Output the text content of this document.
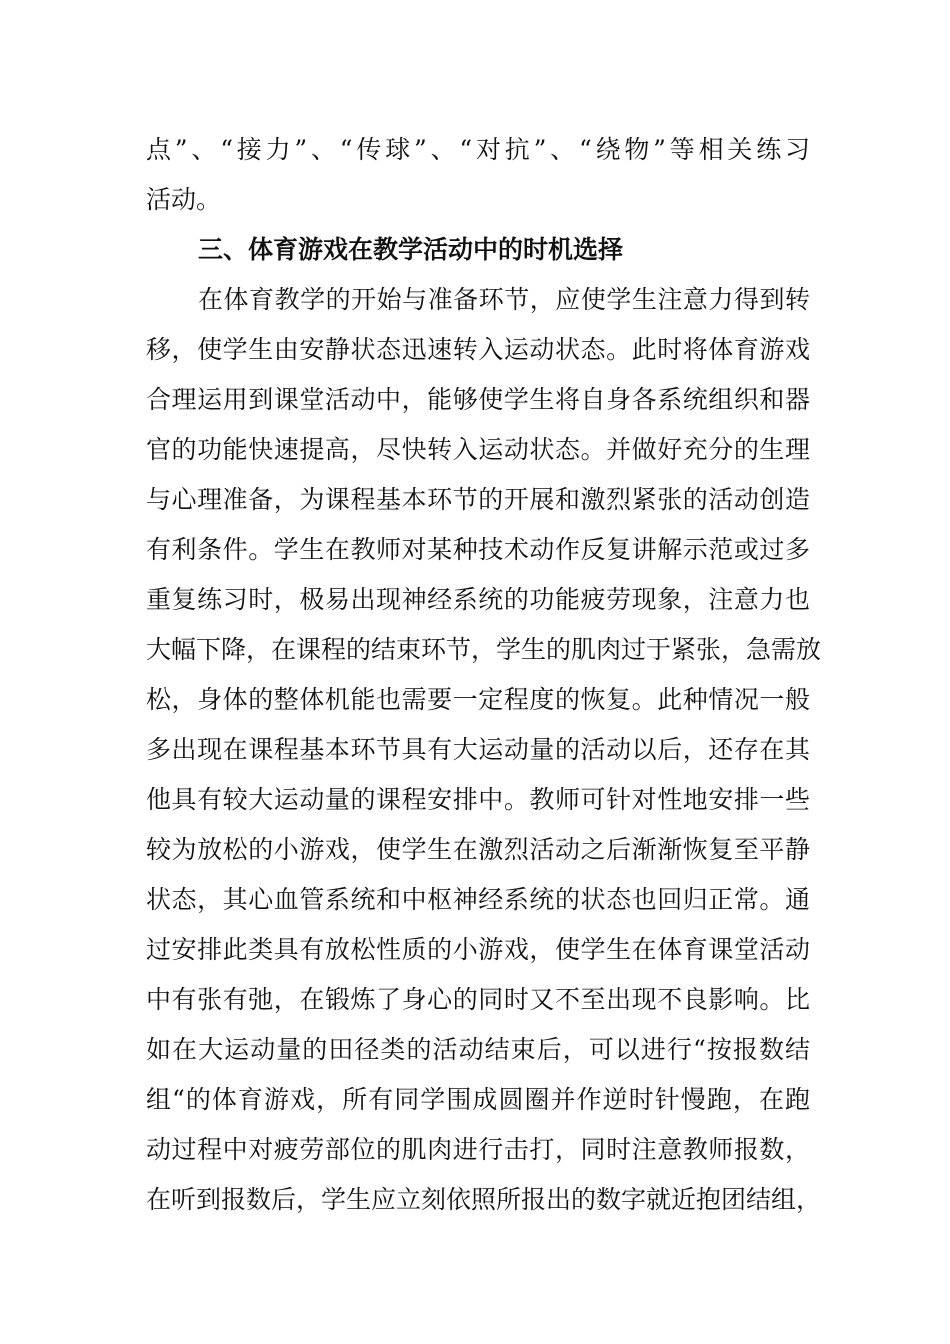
点”、“接力”、“传球”、“对抗”、“绕物”等相关练习
活动。
三、体育游戏在教学活动中的时机选择
在体育教学的开始与准备环节，应使学生注意力得到转
移，使学生由安静状态迅速转入运动状态。此时将体育游戏
合理运用到课堂活动中，能够使学生将自身各系统组织和器
官的功能快速提高，尽快转入运动状态。并做好充分的生理
与心理准备，为课程基本环节的开展和激烈紧张的活动创造
有利条件。学生在教师对某种技术动作反复讲解示范或过多
重复练习时，极易出现神经系统的功能疲劳现象，注意力也
大幅下降，在课程的结束环节，学生的肌肉过于紧张，急需放
松，身体的整体机能也需要一定程度的恢复。此种情况一般
多出现在课程基本环节具有大运动量的活动以后，还存在其
他具有较大运动量的课程安排中。教师可针对性地安排一些
较为放松的小游戏，使学生在激烈活动之后渐渐恢复至平静
状态，其心血管系统和中枢神经系统的状态也回归正常。通
过安排此类具有放松性质的小游戏，使学生在体育课堂活动
中有张有弛，在锻炼了身心的同时又不至出现不良影响。比
如在大运动量的田径类的活动结束后，可以进行“按报数结
组“的体育游戏，所有同学围成圆圈并作逆时针慢跑，在跑
动过程中对疲劳部位的肌肉进行击打，同时注意教师报数，
在听到报数后，学生应立刻依照所报出的数字就近抱团结组，
